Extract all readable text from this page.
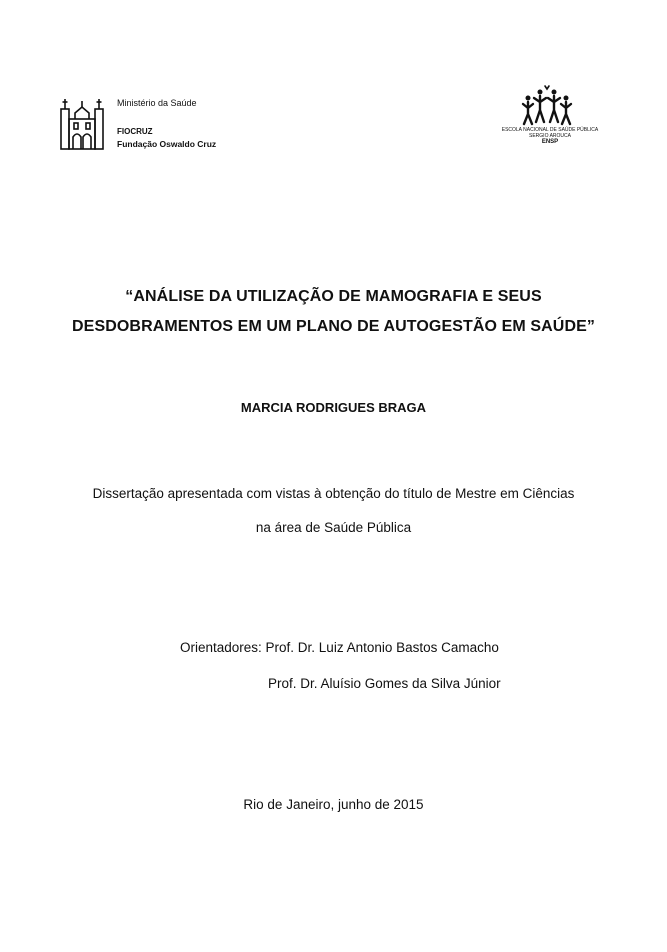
Ministério da Saúde
FIOCRUZ
Fundação Oswaldo Cruz
ESCOLA NACIONAL DE SAÚDE PÚBLICA
SERGIO AROUCA
ENSP
“ANÁLISE DA UTILIZAÇÃO DE MAMOGRAFIA E SEUS
DESDOBRAMENTOS EM UM PLANO DE AUTOGESTÃO EM SAÚDE”
MARCIA RODRIGUES BRAGA
Dissertação apresentada com vistas à obtenção do título de Mestre em Ciências
na área de Saúde Pública
Orientadores: Prof. Dr. Luiz Antonio Bastos Camacho
Prof. Dr. Aluísio Gomes da Silva Júnior
Rio de Janeiro, junho de 2015
